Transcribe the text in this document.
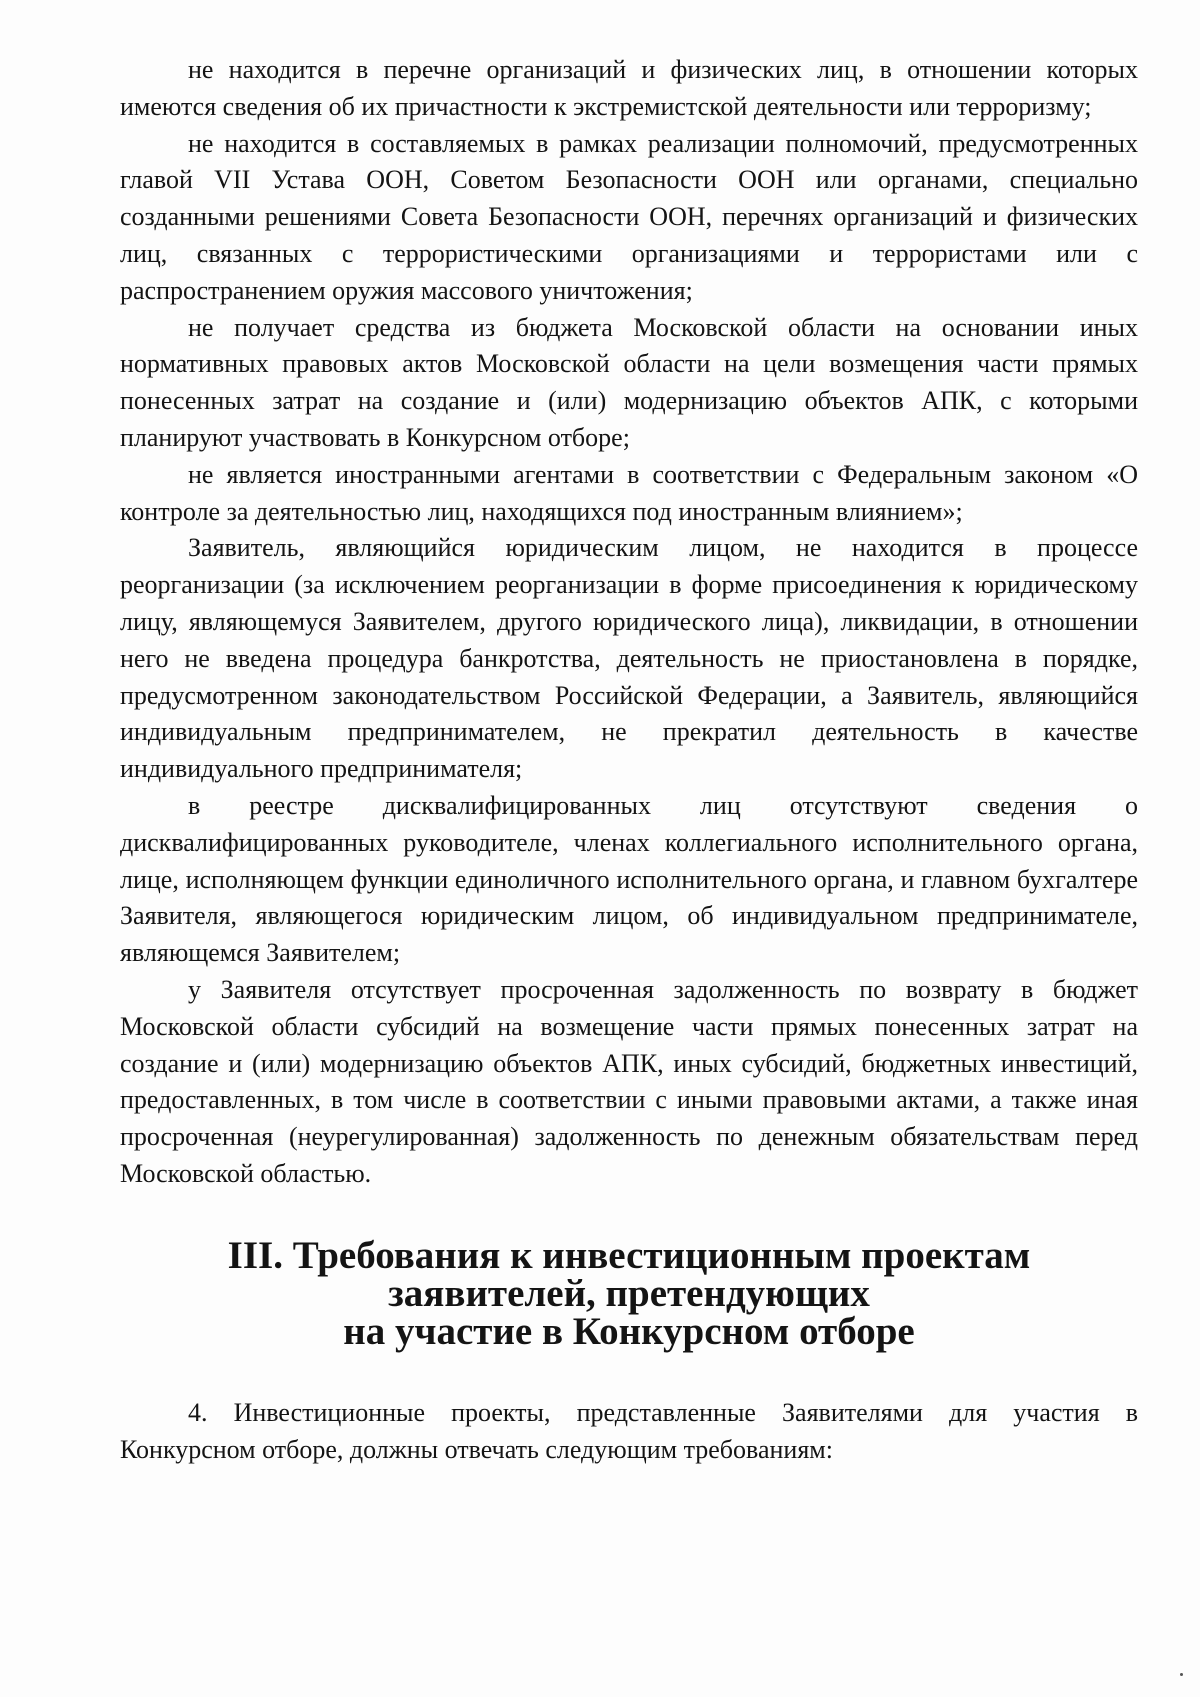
не находится в перечне организаций и физических лиц, в отношении которых имеются сведения об их причастности к экстремистской деятельности или терроризму;

не находится в составляемых в рамках реализации полномочий, предусмотренных главой VII Устава ООН, Советом Безопасности ООН или органами, специально созданными решениями Совета Безопасности ООН, перечнях организаций и физических лиц, связанных с террористическими организациями и террористами или с распространением оружия массового уничтожения;

не получает средства из бюджета Московской области на основании иных нормативных правовых актов Московской области на цели возмещения части прямых понесенных затрат на создание и (или) модернизацию объектов АПК, с которыми планируют участвовать в Конкурсном отборе;

не является иностранными агентами в соответствии с Федеральным законом «О контроле за деятельностью лиц, находящихся под иностранным влиянием»;

Заявитель, являющийся юридическим лицом, не находится в процессе реорганизации (за исключением реорганизации в форме присоединения к юридическому лицу, являющемуся Заявителем, другого юридического лица), ликвидации, в отношении него не введена процедура банкротства, деятельность не приостановлена в порядке, предусмотренном законодательством Российской Федерации, а Заявитель, являющийся индивидуальным предпринимателем, не прекратил деятельность в качестве индивидуального предпринимателя;

в реестре дисквалифицированных лиц отсутствуют сведения о дисквалифицированных руководителе, членах коллегиального исполнительного органа, лице, исполняющем функции единоличного исполнительного органа, и главном бухгалтере Заявителя, являющегося юридическим лицом, об индивидуальном предпринимателе, являющемся Заявителем;

у Заявителя отсутствует просроченная задолженность по возврату в бюджет Московской области субсидий на возмещение части прямых понесенных затрат на создание и (или) модернизацию объектов АПК, иных субсидий, бюджетных инвестиций, предоставленных, в том числе в соответствии с иными правовыми актами, а также иная просроченная (неурегулированная) задолженность по денежным обязательствам перед Московской областью.

III. Требования к инвестиционным проектам заявителей, претендующих
на участие в Конкурсном отборе

4. Инвестиционные проекты, представленные Заявителями для участия в Конкурсном отборе, должны отвечать следующим требованиям:
